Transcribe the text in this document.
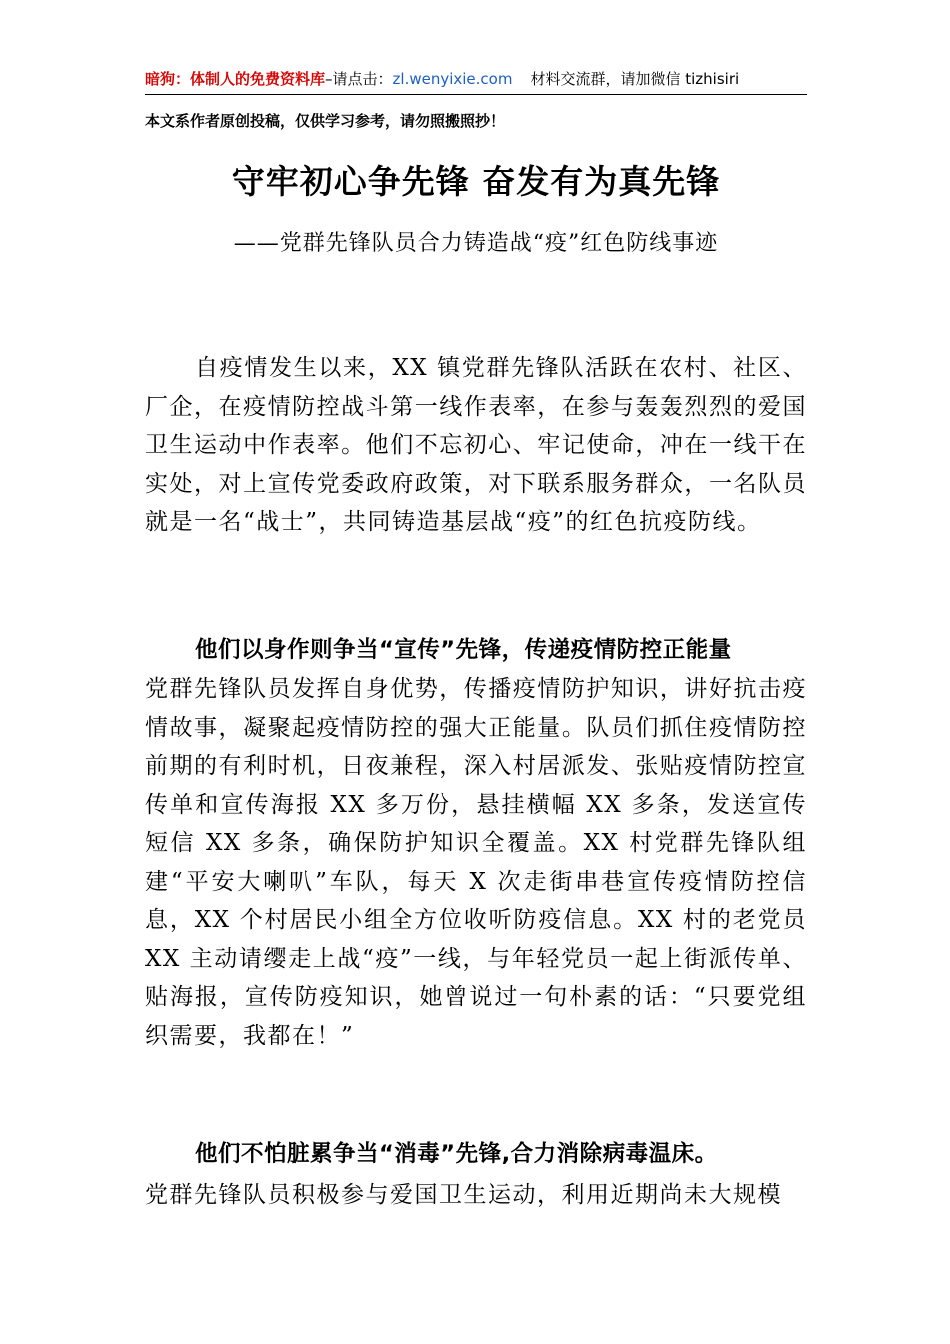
暗狗：体制人的免费资料库–请点击：zl.wenyixie.com 材料交流群，请加微信 tizhisiri
本文系作者原创投稿，仅供学习参考，请勿照搬照抄！
守牢初心争先锋 奋发有为真先锋
——党群先锋队员合力铸造战“疫”红色防线事迹
自疫情发生以来，XX 镇党群先锋队活跃在农村、社区、厂企，在疫情防控战斗第一线作表率，在参与轰轰烈烈的爱国卫生运动中作表率。他们不忘初心、牢记使命，冲在一线干在实处，对上宣传党委政府政策，对下联系服务群众，一名队员就是一名“战士”，共同铸造基层战“疫”的红色抗疫防线。
他们以身作则争当“宣传”先锋，传递疫情防控正能量
党群先锋队员发挥自身优势，传播疫情防护知识，讲好抗击疫情故事，凝聚起疫情防控的强大正能量。队员们抓住疫情防控前期的有利时机，日夜兼程，深入村居派发、张贴疫情防控宣传单和宣传海报 XX 多万份，悬挂横幅 XX 多条，发送宣传短信 XX 多条，确保防护知识全覆盖。XX 村党群先锋队组建“平安大喇叭”车队，每天 X 次走街串巷宣传疫情防控信息，XX 个村居民小组全方位收听防疫信息。XX 村的老党员 XX 主动请缨走上战“疫”一线，与年轻党员一起上街派传单、贴海报，宣传防疫知识，她曾说过一句朴素的话：“只要党组织需要，我都在！”
他们不怕脏累争当“消毒”先锋,合力消除病毒温床。
党群先锋队员积极参与爱国卫生运动，利用近期尚未大规模
